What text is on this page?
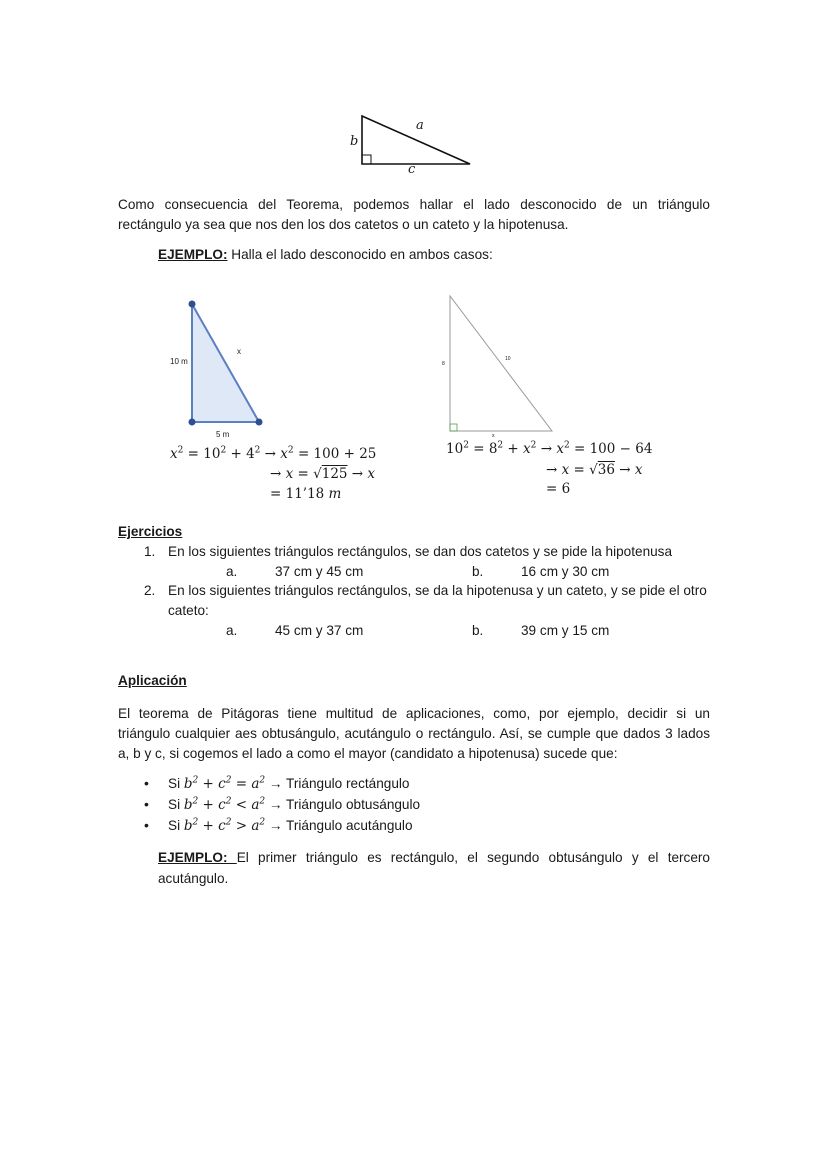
a
b
c
Como consecuencia del Teorema, podemos hallar el lado desconocido de un triángulo
rectángulo ya sea que nos den los dos catetos o un cateto y la hipotenusa.
EJEMPLO: Halla el lado desconocido en ambos casos:
10 m
x
5 m
$x^2 = 10^2 + 4^2 \to x^2 = 100 + 25$
→ x = √125 → x
= 11’18 m
8
10
x
$10^2 = 8^2 + x^2 \to x^2 = 100 - 64$
→ x = √36 → x
= 6
Ejercicios
1. En los siguientes triángulos rectángulos, se dan dos catetos y se pide la hipotenusa
a.	37 cm y 45 cm	b.	16 cm y 30 cm
2. En los siguientes triángulos rectángulos, se da la hipotenusa y un cateto, y se pide el otro
cateto:
a.	45 cm y 37 cm	b.	39 cm y 15 cm
Aplicación
El teorema de Pitágoras tiene multitud de aplicaciones, como, por ejemplo, decidir si un
triángulo cualquier aes obtusángulo, acutángulo o rectángulo. Así, se cumple que dados 3 lados
a, b y c, si cogemos el lado a como el mayor (candidato a hipotenusa) sucede que:
• Si $b^2 + c^2 = a^2$ → Triángulo rectángulo
• Si $b^2 + c^2 < a^2$ → Triángulo obtusángulo
• Si $b^2 + c^2 > a^2$ → Triángulo acutángulo
EJEMPLO: El primer triángulo es rectángulo, el segundo obtusángulo y el tercero
acutángulo.
